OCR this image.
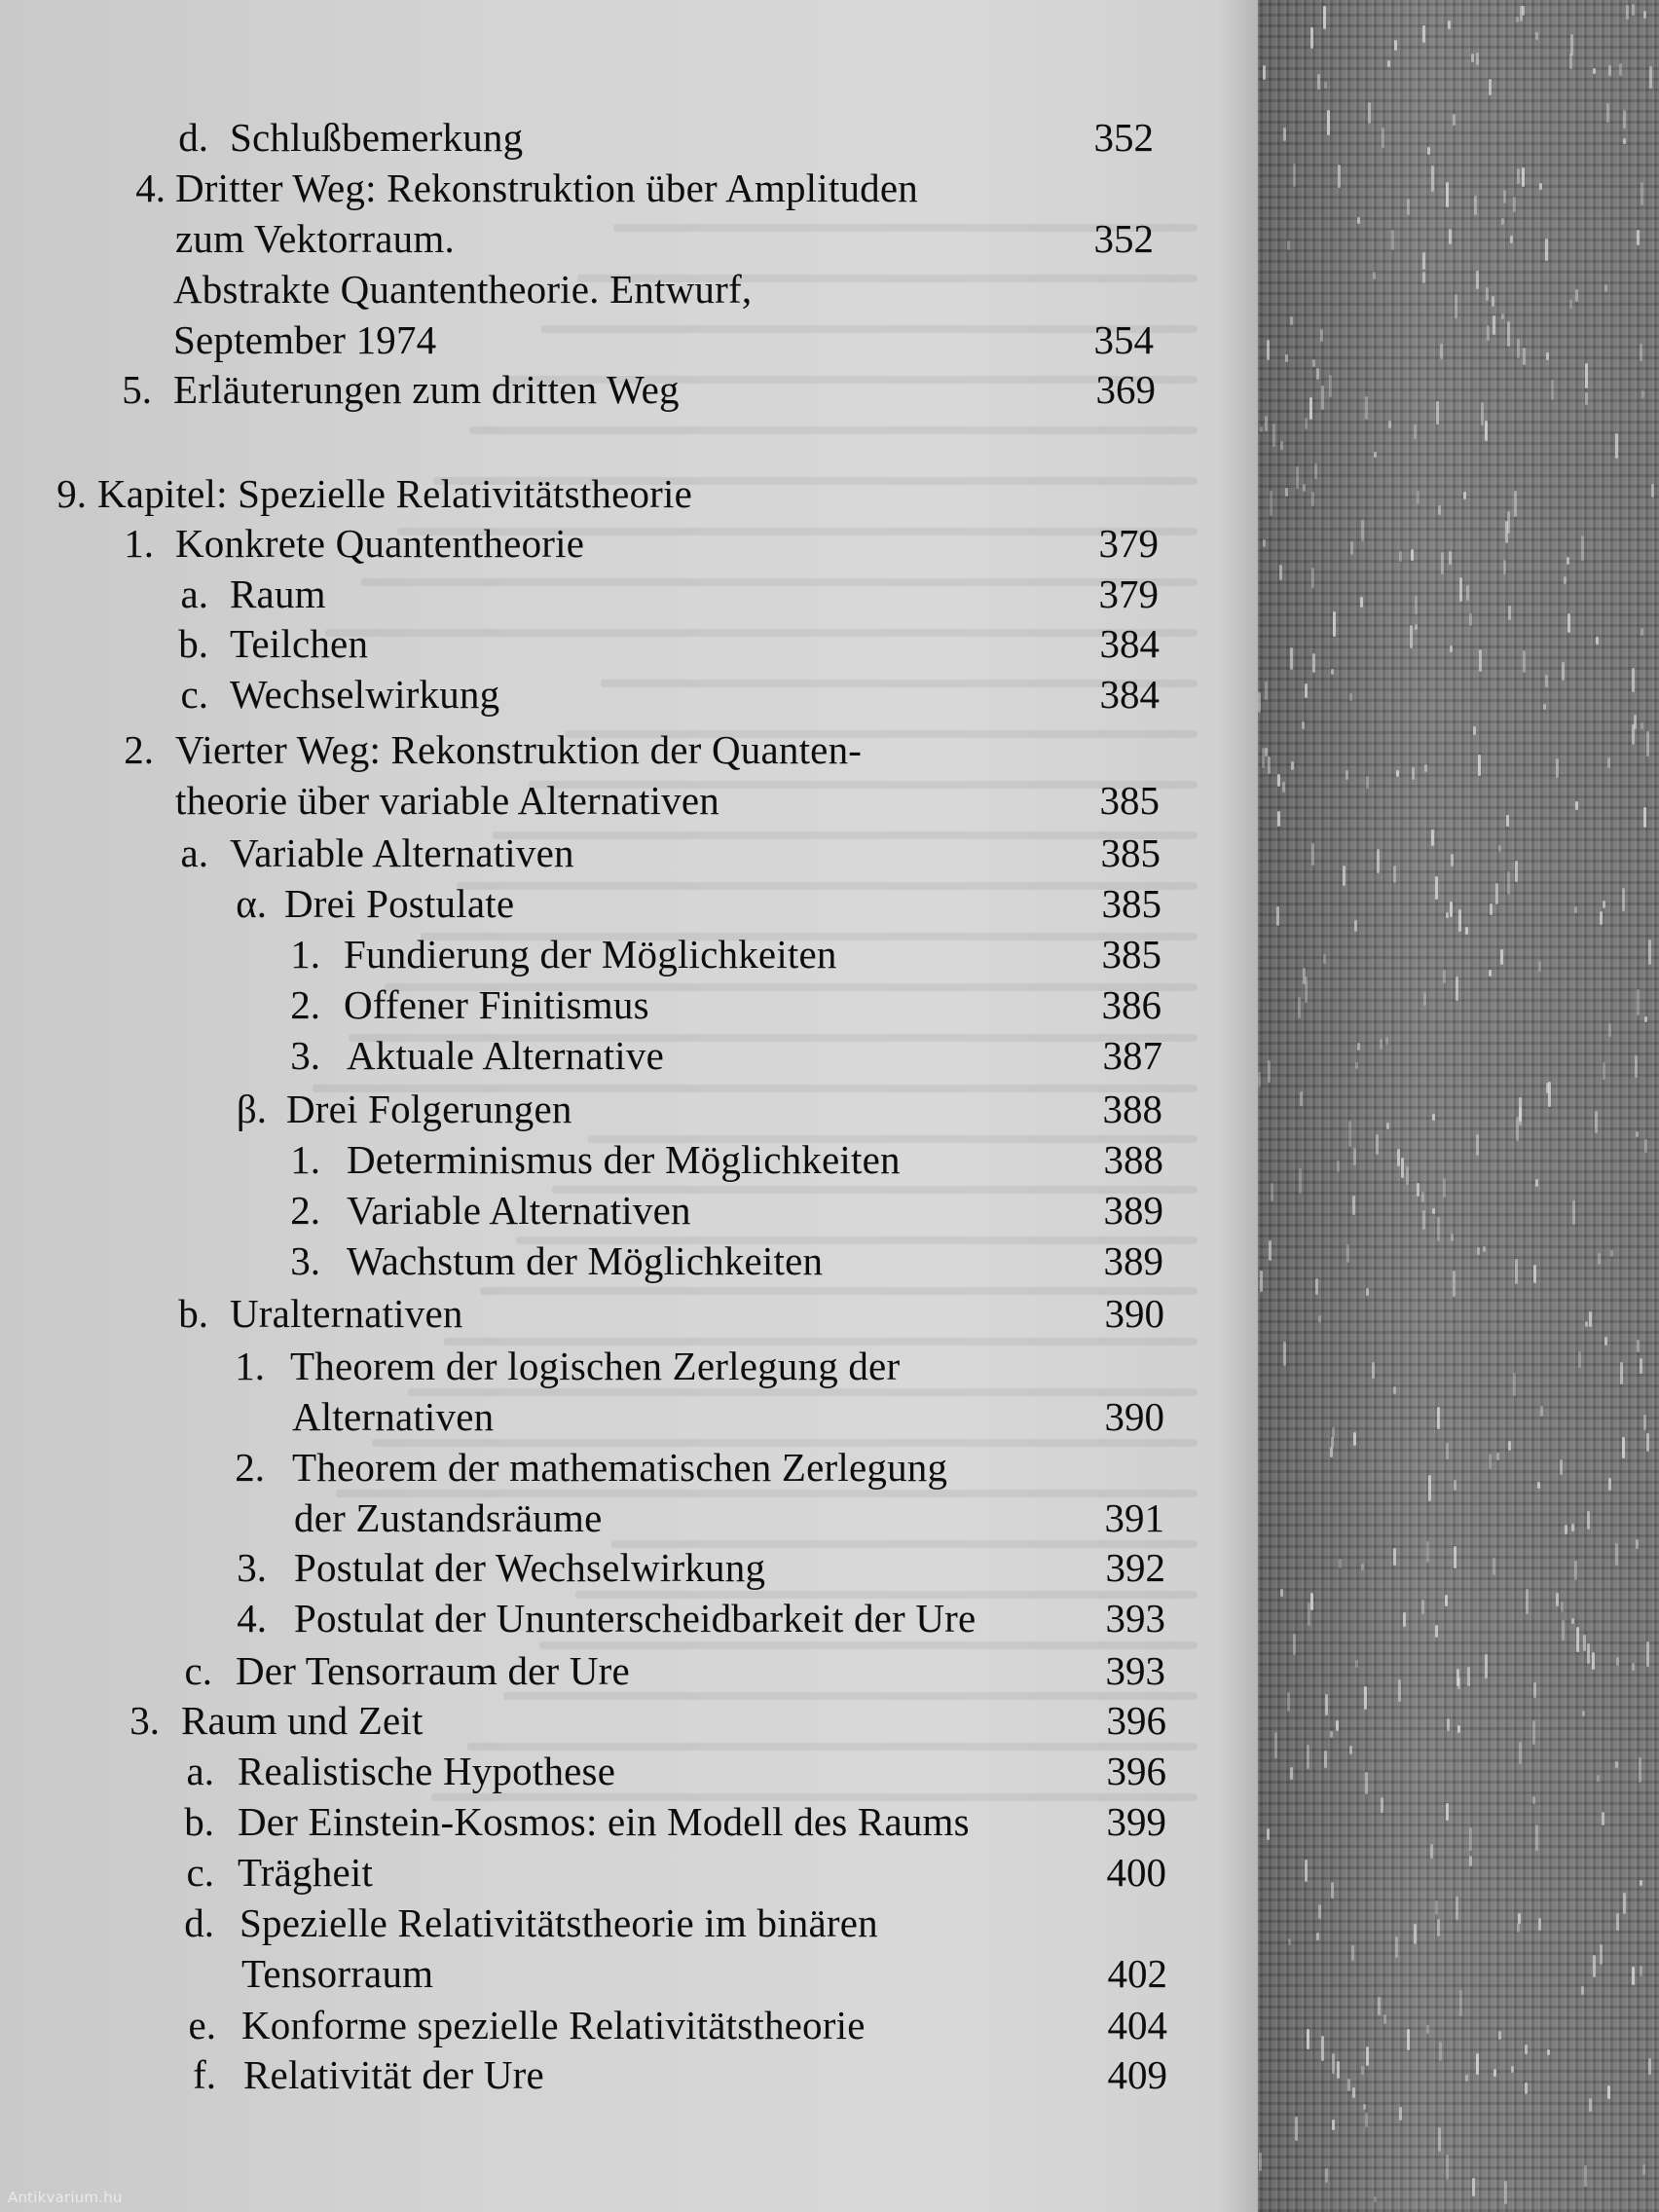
d. Schlußbemerkung	352
4. Dritter Weg: Rekonstruktion über Amplituden
zum Vektorraum.	352
Abstrakte Quantentheorie. Entwurf,
September 1974	354
5. Erläuterungen zum dritten Weg	369
9. Kapitel: Spezielle Relativitätstheorie
1. Konkrete Quantentheorie	379
a. Raum	379
b. Teilchen	384
c. Wechselwirkung	384
2. Vierter Weg: Rekonstruktion der Quanten-
theorie über variable Alternativen	385
a. Variable Alternativen	385
α. Drei Postulate	385
1. Fundierung der Möglichkeiten	385
2. Offener Finitismus	386
3. Aktuale Alternative	387
β. Drei Folgerungen	388
1. Determinismus der Möglichkeiten	388
2. Variable Alternativen	389
3. Wachstum der Möglichkeiten	389
b. Uralternativen	390
1. Theorem der logischen Zerlegung der
Alternativen	390
2. Theorem der mathematischen Zerlegung
der Zustandsräume	391
3. Postulat der Wechselwirkung	392
4. Postulat der Ununterscheidbarkeit der Ure	393
c. Der Tensorraum der Ure	393
3. Raum und Zeit	396
a. Realistische Hypothese	396
b. Der Einstein-Kosmos: ein Modell des Raums	399
c. Trägheit	400
d. Spezielle Relativitätstheorie im binären
Tensorraum	402
e. Konforme spezielle Relativitätstheorie	404
f. Relativität der Ure	409
Antikvarium.hu
